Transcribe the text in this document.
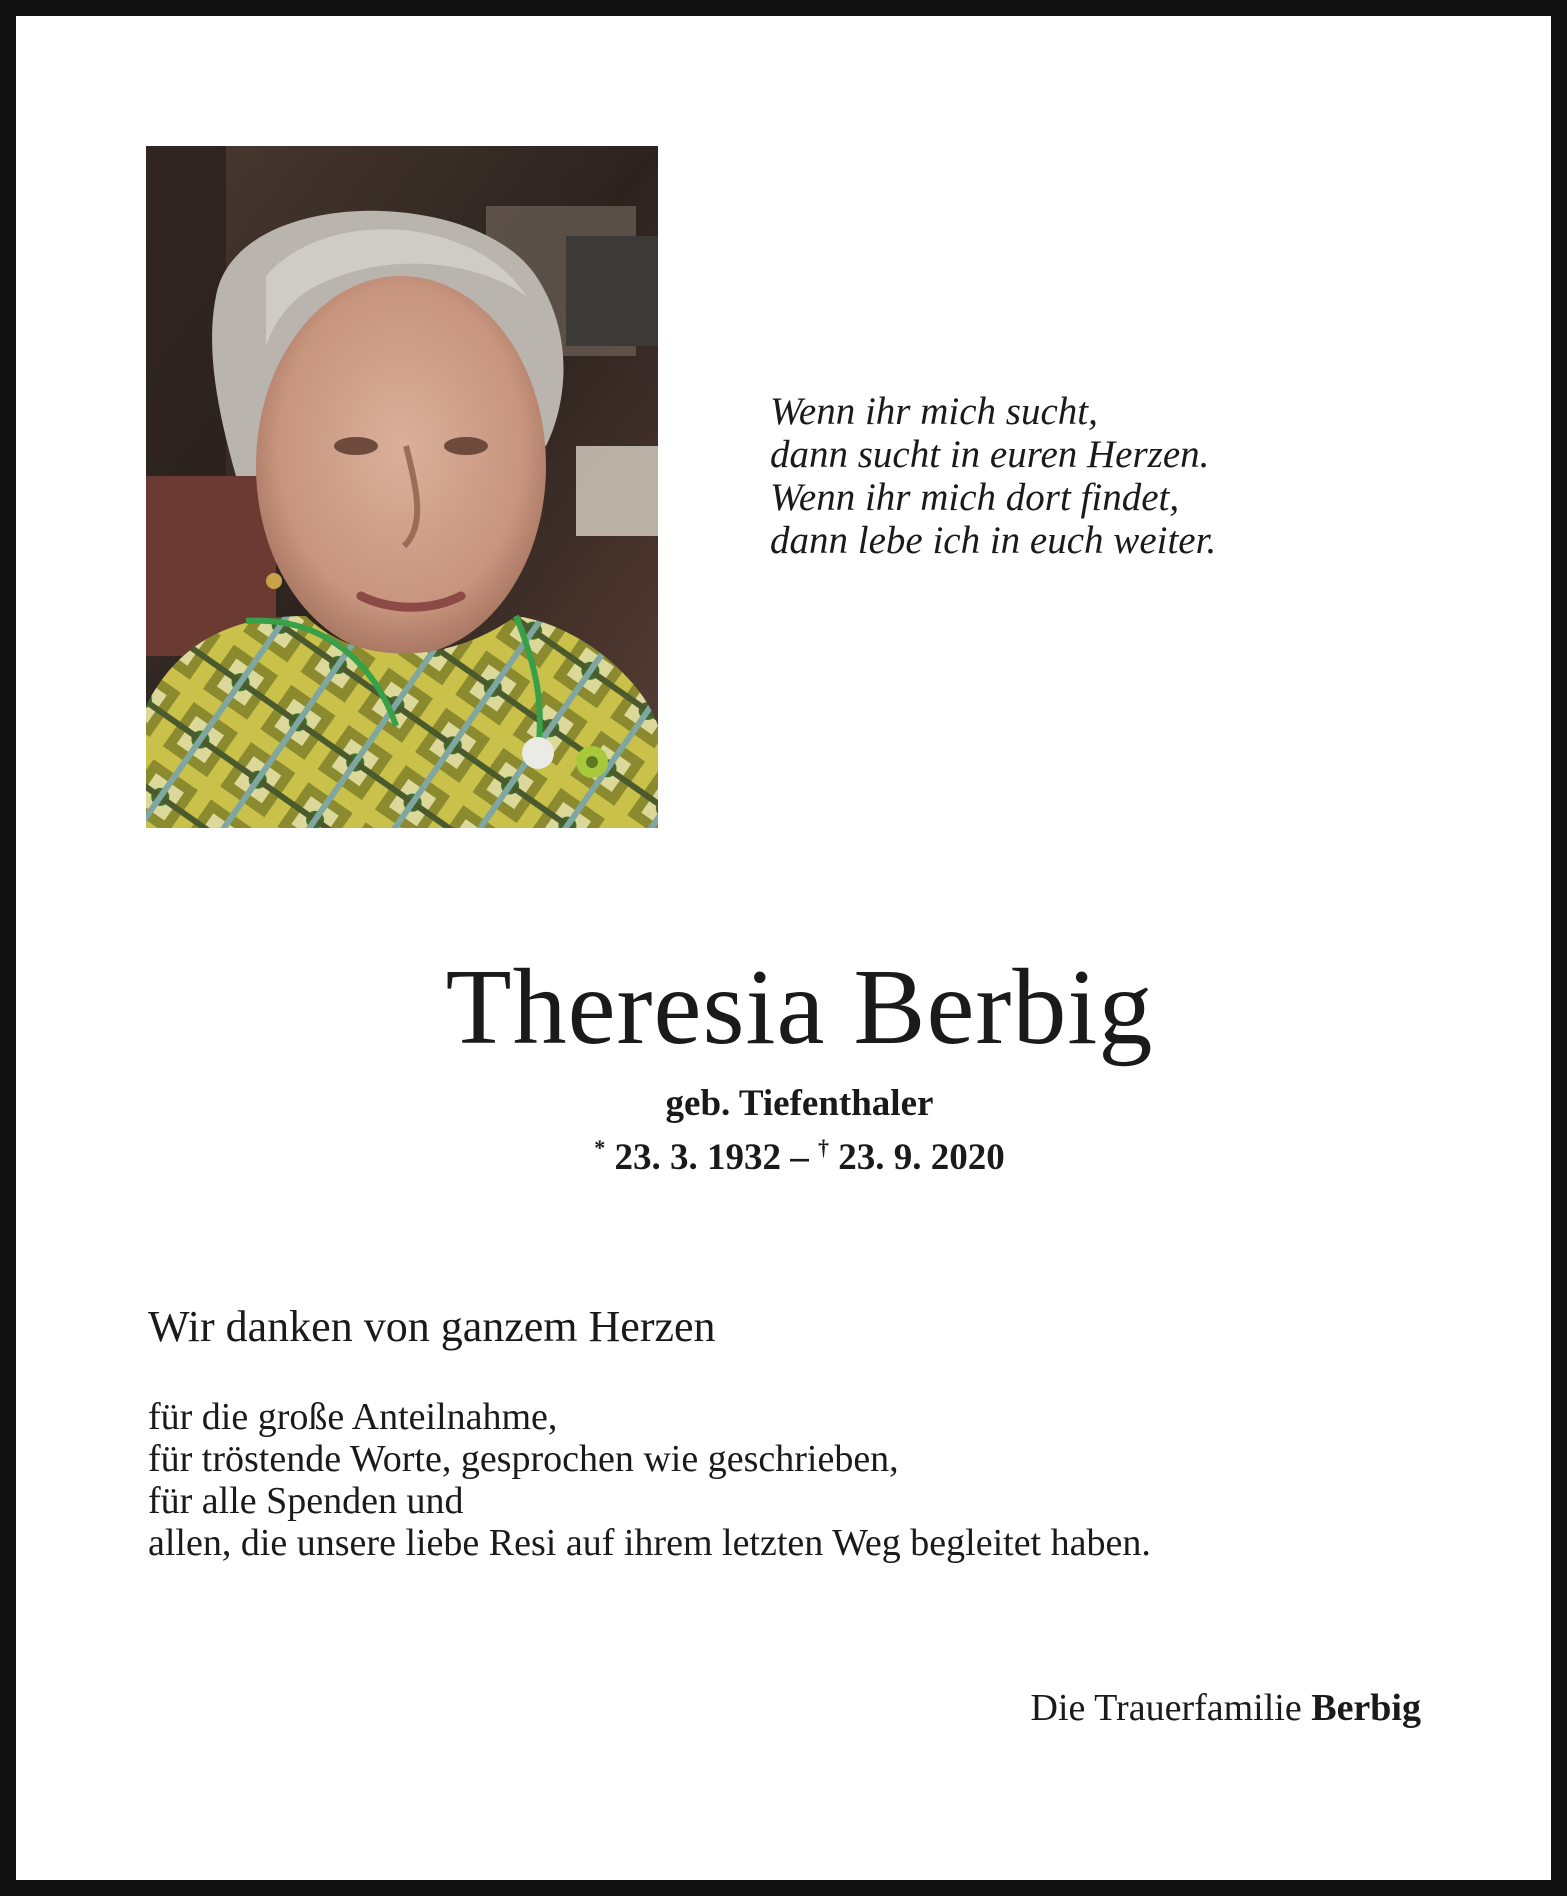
Wenn ihr mich sucht,
dann sucht in euren Herzen.
Wenn ihr mich dort findet,
dann lebe ich in euch weiter.
Theresia Berbig
geb. Tiefenthaler
* 23. 3. 1932 – † 23. 9. 2020
Wir danken von ganzem Herzen
für die große Anteilnahme,
für tröstende Worte, gesprochen wie geschrieben,
für alle Spenden und
allen, die unsere liebe Resi auf ihrem letzten Weg begleitet haben.
Die Trauerfamilie Berbig
